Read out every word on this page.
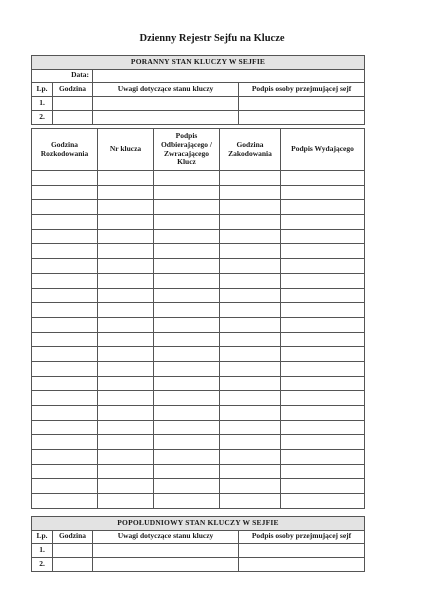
Dzienny Rejestr Sejfu na Klucze
PORANNY STAN KLUCZY W SEJFIE			
Data:			
Lp.	Godzina	Uwagi dotyczące stanu kluczy	Podpis osoby przejmującej sejf
1.			
2.			
Godzina Rozkodowania	Nr klucza	Podpis Odbierającego / Zwracającego Klucz	Godzina Zakodowania	Podpis Wydającego

POPOŁUDNIOWY STAN KLUCZY W SEJFIE			
Lp.	Godzina	Uwagi dotyczące stanu kluczy	Podpis osoby przejmującej sejf
1.			
2.			
